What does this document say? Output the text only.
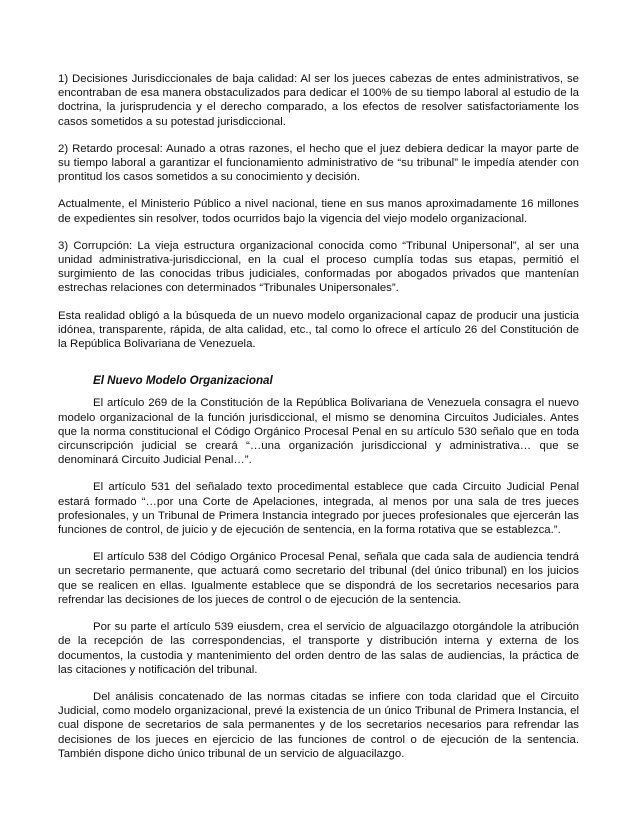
1) Decisiones Jurisdiccionales de baja calidad: Al ser los jueces cabezas de entes administrativos, se encontraban de esa manera obstaculizados para dedicar el 100% de su tiempo laboral al estudio de la doctrina, la jurisprudencia y el derecho comparado, a los efectos de resolver satisfactoriamente los casos sometidos a su potestad jurisdiccional.

2) Retardo procesal: Aunado a otras razones, el hecho que el juez debiera dedicar la mayor parte de su tiempo laboral a garantizar el funcionamiento administrativo de “su tribunal” le impedía atender con prontitud los casos sometidos a su conocimiento y decisión.

Actualmente, el Ministerio Público a nivel nacional, tiene en sus manos aproximadamente 16 millones de expedientes sin resolver, todos ocurridos bajo la vigencia del viejo modelo organizacional.

3) Corrupción: La vieja estructura organizacional conocida como “Tribunal Unipersonal”, al ser una unidad administrativa-jurisdiccional, en la cual el proceso cumplía todas sus etapas, permitió el surgimiento de las conocidas tribus judiciales, conformadas por abogados privados que mantenían estrechas relaciones con determinados “Tribunales Unipersonales”.

Esta realidad obligó a la búsqueda de un nuevo modelo organizacional capaz de producir una justicia idónea, transparente, rápida, de alta calidad, etc., tal como lo ofrece el artículo 26 del Constitución de la República Bolivariana de Venezuela.

El Nuevo Modelo Organizacional

El artículo 269 de la Constitución de la República Bolivariana de Venezuela consagra el nuevo modelo organizacional de la función jurisdiccional, el mismo se denomina Circuitos Judiciales. Antes que la norma constitucional el Código Orgánico Procesal Penal en su artículo 530 señalo que en toda circunscripción judicial se creará “…una organización jurisdiccional y administrativa… que se denominará Circuito Judicial Penal…”.

El artículo 531 del señalado texto procedimental establece que cada Circuito Judicial Penal estará formado “…por una Corte de Apelaciones, integrada, al menos por una sala de tres jueces profesionales, y un Tribunal de Primera Instancia integrado por jueces profesionales que ejercerán las funciones de control, de juicio y de ejecución de sentencia, en la forma rotativa que se establezca.”.

El artículo 538 del Código Orgánico Procesal Penal, señala que cada sala de audiencia tendrá un secretario permanente, que actuará como secretario del tribunal (del único tribunal) en los juicios que se realicen en ellas. Igualmente establece que se dispondrá de los secretarios necesarios para refrendar las decisiones de los jueces de control o de ejecución de la sentencia.

Por su parte el artículo 539 eiusdem, crea el servicio de alguacilazgo otorgándole la atribución de la recepción de las correspondencias, el transporte y distribución interna y externa de los documentos, la custodia y mantenimiento del orden dentro de las salas de audiencias, la práctica de las citaciones y notificación del tribunal.

Del análisis concatenado de las normas citadas se infiere con toda claridad que el Circuito Judicial, como modelo organizacional, prevé la existencia de un único Tribunal de Primera Instancia, el cual dispone de secretarios de sala permanentes y de los secretarios necesarios para refrendar las decisiones de los jueces en ejercicio de las funciones de control o de ejecución de la sentencia. También dispone dicho único tribunal de un servicio de alguacilazgo.
